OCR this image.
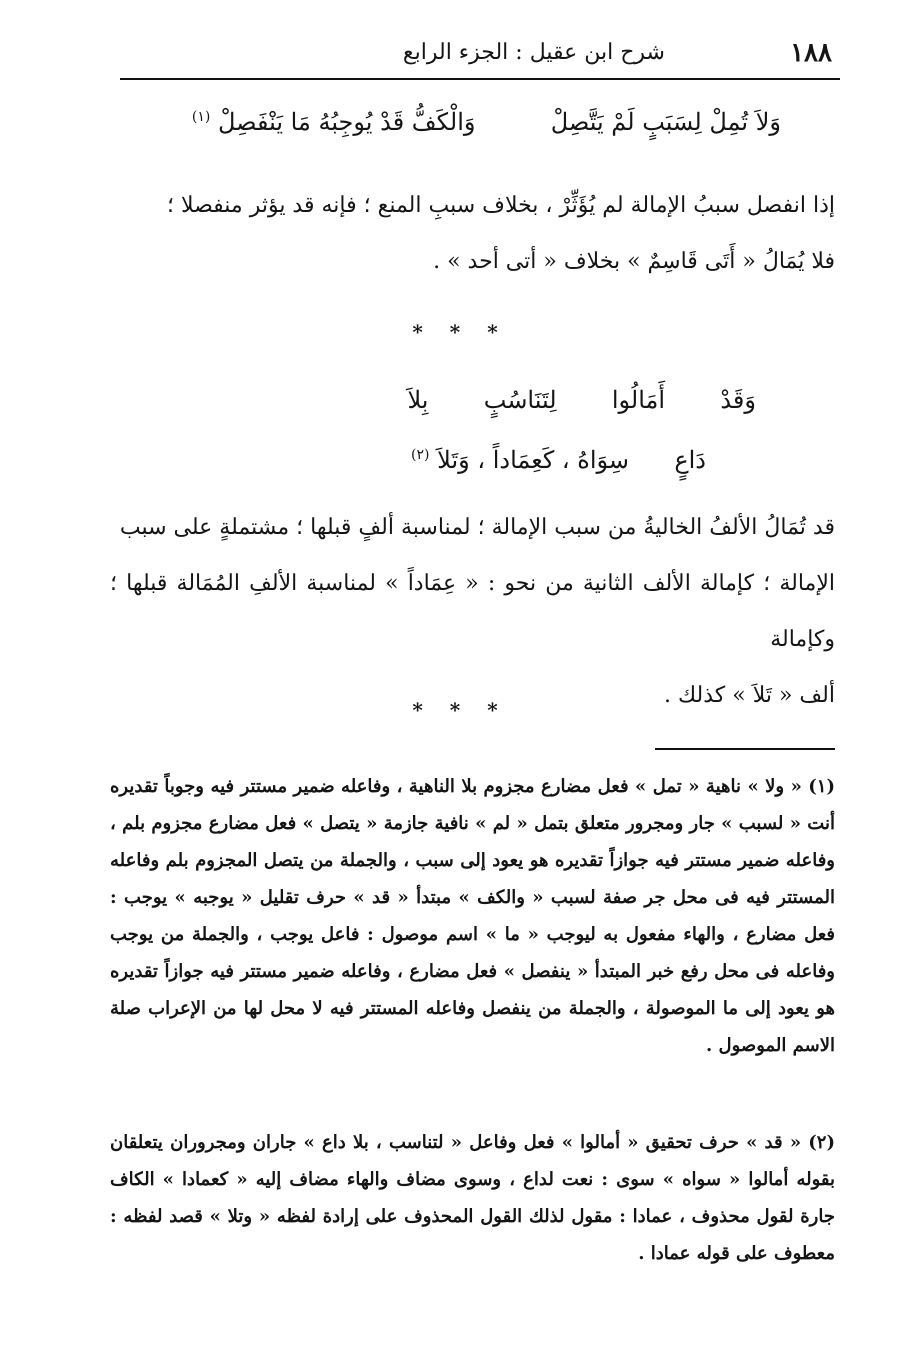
شرح ابن عقيل : الجزء الرابع	١٨٨
وَلاَ تُمِلْ لِسَبَبٍ لَمْ يَتَّصِلْ  وَالْكَفُّ قَدْ يُوجِبُهُ مَا يَنْفَصِلْ $^{(١)}$
إذا انفصل سببُ الإمالة لم يُؤَثِّرْ ، بخلاف سببِ المنع ؛ فإنه قد يؤثر منفصلا ؛
فلا يُمَالُ « أَتَى قَاسِمٌ » بخلاف « أتى أحد » .
* * *
وَقَدْ  أَمَالُوا  لِتَنَاسُبٍ  بِلاَ
دَاعٍ  سِوَاهُ ، كَعِمَاداً ، وَتَلاَ $^{(٢)}$
قد تُمَالُ الألفُ الخاليةُ من سبب الإمالة ؛ لمناسبة ألفٍ قبلها ؛ مشتملةٍ على سبب
الإمالة ؛ كإمالة الألف الثانية من نحو : « عِمَاداً » لمناسبة الألفِ المُمَالة قبلها ؛ وكإمالة
ألف « تَلاَ » كذلك .
* * *
(١) « ولا » ناهية « تمل » فعل مضارع مجزوم بلا الناهية ، وفاعله ضمير مستتر فيه وجوباً تقديره أنت « لسبب » جار ومجرور متعلق بتمل « لم » نافية جازمة « يتصل » فعل مضارع مجزوم بلم ، وفاعله ضمير مستتر فيه جوازاً تقديره هو يعود إلى سبب ، والجملة من يتصل المجزوم بلم وفاعله المستتر فيه فى محل جر صفة لسبب « والكف » مبتدأ « قد » حرف تقليل « يوجبه » يوجب : فعل مضارع ، والهاء مفعول به ليوجب « ما » اسم موصول : فاعل يوجب ، والجملة من يوجب وفاعله فى محل رفع خبر المبتدأ « ينفصل » فعل مضارع ، وفاعله ضمير مستتر فيه جوازاً تقديره هو يعود إلى ما الموصولة ، والجملة من ينفصل وفاعله المستتر فيه لا محل لها من الإعراب صلة الاسم الموصول .
(٢) « قد » حرف تحقيق « أمالوا » فعل وفاعل « لتناسب ، بلا داع » جاران ومجروران يتعلقان بقوله أمالوا « سواه » سوى : نعت لداع ، وسوى مضاف والهاء مضاف إليه « كعمادا » الكاف جارة لقول محذوف ، عمادا : مقول لذلك القول المحذوف على إرادة لفظه « وتلا » قصد لفظه : معطوف على قوله عمادا .
